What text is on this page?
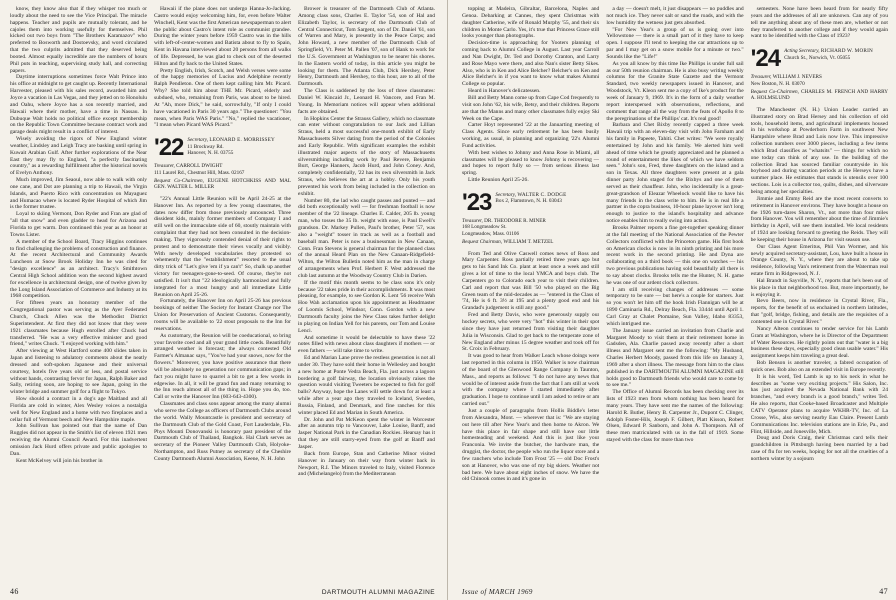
know, they know also that if they whisper too much or loudly about the need to see the Vice Principal. The miracle happens. Teacher and pupils are mutually tolerant, and he cajoles them into working usefully for themselves. Phil kicked out two boys from "The Brothers Karamazov" who preferred to Bosworth and Dostoevsky, and word circulated that the two culprits admitted that they deserved being booted. Almost equally incredible are the numbers of hours Phil puts in teaching, supervising study hall, and correcting papers.

Daytime interruptions sometimes force Walt Prince into his office at midnight to get caught up. Recently International Harvester, pleased with his sales record, awarded him and Joyce a vacation in Las Vegas, and they jetted on to Honolulu and Oahu, where Joyce has a son recently married, and Hawaii where their mother, have a time in Nassau. In Dubuque Walt holds no political office except membership on the Republic Town Committee because contract work and garage deals might result in a conflict of interest.

Wisely avoiding the rigors of New England winter weather, Lindsley and Leigh Tracy are basking until spring in Kuwait Arabian Gulf. After further explorations of the Near East they may fly to England, "a perfectly fascinating country," as a rewarding fulfillment after the historical novels of Evelyn Anthony.

Much improved, Jim Seaoul, now able to walk with only one cane, and Dot are planning a trip to Hawaii, the Virgin Islands, and Puerto Rico with concentration on Mayaguez and Humacao where is located Ryder Hospital of which Jim is the former trustee.

Loyal to skiing Vermont, Don Ryder and Fran are glad of "all that snow" and even gladder to head for Arizona and Florida to get warm. Don continued this year as an honor at Towns Lister.

A member of the School Board, Tracy Higgins continues to find challenging the problems of construction and finance. At the recent Architectural and Community Awards Luncheon at Snow Brook Holiday Inn he was cited for "design excellence" as an architect. Tracy's Smithtown Central High School addition won the second highest award for excellence in architectural design, one of twelve given by the Long Island Association of Commerce and Industry at its 1968 competition.

For fifteen years an honorary member of the Congregational pastor was serving as the Ayer Federated Church, Chuck Allen was the Methodist District Superintendent. At first they did not know that they were 1921 classmates because Hugh enrolled after Chuck had transferred. "He was a very effective minister and good friend," writes Chuck. "I enjoyed working with him."

After viewing at West Hartford some 400 slides taken in Japan and listening to adulatory comments about the neatly dressed and soft-spoken Japanese and their universal courtesy, hotels five years old or less, and postal service without hands, contrasting fervor for Japan, Ralph Baker and Sally, retiring soon, are hoping to see Japan, going in the winter bridge and summer golf for a flight to Tokyo.

How should a contract in a dog's age Maitland and all Florida are cold in winter, Alex Wesley voices a nostalgia well for New England and a home with two fireplaces and a cellar full of Vermont beech and New Hampshire maple.

John Sullivan has pointed out that the name of Dan Ruggles did not appear in the Smith's list of eleven 1921 men receiving the Alumni Council Award. For this inadvertent omission Jack Hurd offers private and public apologies to Dan.

Kent McKelvey will join his brother in

Hawaii if the plane does not undergo Hanna-Jo-Jacking. Castro would enjoy welcoming him, for, even before Walter Winchell, Kent was the first American newspaperman to alert the public about Castro's intent role as communist grandee. During the winter years before 1959 Castro was in the hills with left-of-center-women and Batista about to fly to Spain, Kent in Havana interviewed about 20 persons from all walks of life. Depressed, he was glad to check out of the deserted Hilton and fly back to the United States.

Pretty English, Irish, Scotch, and Welsh verses were some of the happy memories of Lucius and Adelphine recently Ralph Pendleton. One of them kept calling him Mr. Picard. Why? She told him about THE Mr. Picard, elderly and subdued, who, remaining from Paris, was about to be hired. At "Ah, more Dick," he said, sorrowfully, "If only I could have vacationed in Paris 30 years ago." The questioner: "You mean, when Paris WAS Paris." "No," replied the vacationer, "I mean when Picard WAS Picard."

'22 Secretary, LEONARD E. MORRISSEY
11 Brockway Rd.
Hanover, N. H. 03755
Treasurer, CARROLL DWIGHT
111 Laurel Rd., Chestnut Hill, Mass. 02167
Bequest Co-Chairmen, EUGENE HOTCHKISS AND MAL GEN. WALTER L. MILLER

"22's Annual Little Reunion will be April 24-25 at the Hanover Inn. As reported by a few young classmates, the dates now differ from those previously announced. Three dissident kids, mainly former members of Company I and still well on the immaculate side of 60, stoutly maintain with complaint that they had not been consulted in the decision-making. They vigorously contended denial of their rights to protest and to demonstrate their views vocally and visibly. With newly developed vocabularies they protested so vehemently that the "establishment" resorted to the usual dirty trick of "Let's give 'em if ya can't" So, chalk up another victory for teenagers-gone-to-seed. Of course, they're not satisfied. It isn't that "22 ideologically harmonized and fully integrated for a most hungry and all immediate Little Reunion on April 25-26.

Fortunately, the Hanover Inn on April 25-26 has previous bookings of neither The Society for Instant Change nor The Union for Preservation of Ancient Customs. Consequently, rooms will be available to '22 stout proposals to the Inn for reservations.

As customary, the Reunion will be coeducational, so bring your favorite coed and all your grand little coeds. Beautifully arranged weather is forecast; the always contested Old Farmer's Almanac says, "You've had your snows, now for the flowers." Moreover, you have positive assurance that there will be absolutely no generation nor communication gaps; in fact you might have to quarrel a bit to get a few words in edgewise. In all, it will be grand fun and many returning to the Inn reach almost all of the thing in. Hope you do, too. Call or write the Hanover Inn (603-643-4300).

Classmates and class sons appear among the many alumni who serve the College as officers of Dartmouth Clubs around the world. Wally Mountcastle is president and secretary of the Dartmouth Club of the Gold Coast, Fort Lauderdale, Fla. Phys Mounti Donovanski is honorary past president of the Dartmouth Club of Thailand, Bangkok. Hal Clark serves as secretary of the Pioneer Valley Dartmouth Club, Holyoke-Northampton, and Russ Putney as secretary of the Cheshire County Dartmouth Alumni Association, Keene, N. H. John

Brower is treasurer of the Dartmouth Club of Atlanta. Among class sons, Charles E. Taylor '54, son of Hal and Elizabeth Taylor, is secretary of the Dartmouth Club of Central Connecticut, Tom Sargent, son of Dr. Daniel '61, son of Warren and Mary, is presently in the Peace Corps; and John Howard, a new member of the Dartmouth Club of Springfield, Vt. Peter M. Pallen '07, son of Hank to work for the U.S. Government at Washington to be nearer his shores. In the Eastern world of today, in this article you might be looking for them. The Atlanta Club, Dick Hershey, Peter Henry, Dartmouth and Hershey, to this hour, are to all of the Dartmouth.

The Class is saddened by the loss of three classmates: Daniel W. Kincaid Jr., Leonard H. Vancore, and Fran M. Young. In Memoriam notices will appear when additional facts are obtained.

In Hopkins Center the Strauss Gallery, which no classmate can enter without congratulation to our Jack and Lillian Straus, held a most successful one-month exhibit of Early Massachusetts Silver dating from the period of the Colonies and Early Republic. With significant examples the exhibit illustrated major aspects of the story of Massachusetts silversmithing including work by Paul Revere, Benjamin Burt, George Hanners, Jacob Hurd, and John Coney. And, completely confidentially, '22 has its own silversmith in Jack Straus, who believes the art at a hobby. Only his youth prevented his work from being included in the collection on exhibit.

Number 80, the lad who caught passes and punted — and did both exceptionally well — for freshman football is now member of the '22 lineage. Charles E. Calder, 205 lb. young man, who tosses the 35 lb. weight with ease, is Paul Ewell's grandson. Dr. Markey Pullen, Paul's brother, Peter '57, was also a "weight" tosser in track as well as a football and baseball man. Peter is now a businessman in New Canaan, Conn. Fran Stevens is general chairman for the planned class of the annual Heard Plan on the New Canaan-Ridgefield-Wilton, the Wilton Bulletin noted him as the man in charge of arrangements when Prof. Herbert F. West addressed the club last autumn at the Woodway Country Club in Darien.

If the motif this month seems to be class sons it's only because '22 takes pride in their accomplishments. It was most pleasing, for example, to see Gordon K. Lent '56 receive Wah Hoo Wah acclamation upon his appointment as Headmaster of Loomis School, Windsor, Conn. Gordon with a new Dartmouth faculty joins the New Class takes further delight in playing on Indian Yell for his parents, our Tom and Louise Lenci.

And sometime it would be delectable to have these '22 notes filled with news about class daughters if mothers — or even fathers — will take time to write.

Ed and Marian Lane prove the restless generation is not all under 30. They have sold their home in Wellesley and bought a new home at Ponte Vedra Beach, Fla. just across a lagoon bordering a golf fairway, the location obviously raises the question would visiting Tweeters be expected to fish for golf balls? Anyway, hope the Lanes will settle down for at least a while after a year ago they traveled to Iceland, Sweden, Russia, Finland, and Denmark, and fine ranches for this winter placed Ed and Marian in South America.

Dr. John and Pat McKeon spent the winter in Worcester after an autumn trip to Vancouver, Lake Louise, Banff, and Jasper National Park in the Canadian Rockies. Hearsay has it that they are still starry-eyed from the golf at Banff and Jasper.

Back from Europe, Stan and Catherine Minor visited Hanover in January on their way from winter back in Newport, R.I. The Minors traveled to Italy, visited Florence and (Michelangelo) from the Mediterranean

46	DARTMOUTH ALUMNI MAGAZINE

topping at Madeira, Gibraltar, Barcelona, Naples and Genoa. Debarking at Cannes, they spent Christmas with daughter Catherine, wife of Ronald Murphy '55, and their six children in Monte Carlo. Yes, it's true that Princess Grace still looks younger than photographs.

Decision-time is approaching for Yooters planning of coming back to Alumni College in August. Last year Carroll and Nan Dwight, Dr. Ted and Dorothy Cranton, and Larry and Rose Mayo were there, and also Nan's sister Betty Sikes. Also, who is in Ken and Alice Belcher? Belcher's on Ken and Alice Belcher's in if you want to know what makes Alumni College so popular.

Heard in Hanover's delicatessen.

Bill and Betty Mann come up from Cape Cod frequently to visit son John '62, his wife, Betsy, and their children. Reports are that the Manns and many other classmates fully enjoy Ski Week on the Cape.

Carter Hoyt represented '22 at the Januarting meeting of Class Agents. Since early retirement he has been busily working, as usual, in planning and organizing '22's Alumni Fund activities.

With best wishes to Johnny and Anna Rose in Miami, all classmates will be pleased to know Johnny is recovering — and hopes to report fully so — from serious illness last spring.

Little Reunion April 25-26.

'23 Secretary, WALTER C. DODGE
Box 2, Flamstown, N. H. 03043
Treasurer, DR. THEODORE R. MINER
168 Longmeadow St.
Longmeadow, Mass. 01106
Bequest Chairman, WILLIAM T. METZEL

From Ted and Olive Caswell comes news of Ross and Mary Carpenter. Ross partially retired three years ago but gets to his Sand Ink Co. plant at least once a week and still gives a lot of time to the local YMCA and boys club. The Carpenters go to Colorado each year to visit their children. Carl and report that was Bill '50 who played on the Big Green team of the mid-decades as — "entered in the Class of '74, He is 6 ft. 3½ at 195 and a plenty good end and his Grandad's judgement is still any good."

Fred and Betty Davis, who were generously supply our hockey secrets, who were very "hot" this winter in their spot since they have just returned from visiting their daughter Julia in Wisconsin. Glad to get back to the temperate zone of New England after minus 15 degree weather and took off for St. Croix in February.

It was good to hear from Walker Leach whose doings were last reported in this column in 1950. Walker is now chairman of the board of the Glenwood Range Company in Taunton, Mass., and reports as follows: "I do not have any news that would be of interest aside from the fact that I am still at work with the company where I started immediately after graduation. I hope to continue until I am asked to retire or am carried out."

Just a couple of paragraphs from Hollis Biddle's letter from Alexandra, Mont. — wherever that is: "We are staying out here till after New Year's and then home to Akron. We have this place in fair shape and still have our little homesteading and weekend. And this is just like your Franconia. We invite the butcher, the hardware man, the druggist, the doctor, the people who run the liquor store and a few ranchers who include Tom Frost '25 — old Doc Frost's son at Hanover, who was one of my big skiers. Weather not bad here. We have about eight inches of snow. We have the old Chinook comes in and it's gone in

a day — doesn't melt, it just disappears — no puddles and not much ice. They never salt or sand the roads, and with the low humidity the wetness just gets absorbed.

"For New Year's a group of us is going over into Yellowstone — there is a small part of it they have to keep open. I suppose I'll tend to keeping the car attractions up to par and I may get on a snow mobile for a minute or two." Sounds like the "Life!"

As you all know by this time Ike Phillips is under full sail as our 50th reunion chairman. He is also busy writing weekly columns for the Granite State Gazette and the Vermont Standard, two weekly newspapers issued in Hanover, and Woodstock, Vt. Kleon sent me a copy of Ike's product for the week of January 9, 1969. It's in the form of a daily weather report interspersed with observations, reflections, and comment that range all the way from the feats of Apollo 8 to the peregrinations of the Phillips' cat. It's real good!

Barbara and Chet Bixby recently capped a three week Hawaii trip with an eleven-day visit with John Farnham and his family in Papeete, Tahiti. Chet writes: "We were royally entertained by John and his family. We alerted him well ahead of time which he greatly appreciated and he planned a round of entertainment the likes of which we have seldom seen." John's son, Fred, three daughters on the island and a son in Texas. All three daughters were present at a gala dinner party John staged for the Bixbys and one of them served as their chauffeur. John, who incidentally is a great-great-grandson of Eleazar Wheelock would like to have his many friends in the class write to him. He is in real life a partner in the copra business, 10-hour plane layover isn't long enough to justice to the island's hospitality and advance notice enables him to really swing into action.

Brooks Palmer reports a fine get-together speaking dinner at the fall meeting of the National Association of the Pewter Collectors conflicted with the Princeton game. His first book on American clocks is now in its ninth printing and his more recent work in the second printing. He and Dyna are collaborating on a third book — this one on watches — his two previous publications having sold beautifully all there is to say about clocks. Brooks tells me the Hunter, N. H. game he was one of our ardent clock collectors.

I am still receiving changes of addresses — some temporary to be sure — but here's a couple for starters. Just so you won't let him off the hook Irish Flannigan will be at 1890 Caminaria Rd., Delray Beach, Fla. 33444 until April 1. Carl Gray at Chalet Ptomaine, Sun Valley, Idaho 83353, which intrigued me.

The January issue carried an invitation from Charlie and Margaret Moody to visit them at their retirement home in Gadsden, Ala. Charlie passed away recently after a short illness and Margaret sent me the following: "My Husband, Charles Herbert Moody, passed from this life on January 3, 1969 after a short illness. The message from him to the class published in the DARTMOUTH ALUMNI MAGAZINE still holds good to Dartmouth friends who would care to come by to see me."

The Office of Alumni Records has been checking over its lists of 1923 men from whom nothing has been heard for many years. They have sent me the names of the following: Harold R. Butler, Henry B. Carpenter Jr., Dupont C. Clinger, Adolph Foster-Hils, Joseph F. Gilbert, Platt Kisson, Robert Olsen, Edward P. Sanborn, and John A. Thompson. All of these men matriculated with us in the fall of 1919. Some stayed with the class for more than two

semesters. None have been heard from for nearly fifty years and the addresses of all are unknown. Can any of you tell me anything about any of these men are, whether or not they transferred to another college and if they would again want to be identified with the Class of 1923?

'24 Acting Secretary, RICHARD W. MORIN
Church St., Norwich, Vt. 05055
Treasurer, WILLIAM J. NEVERS
New Boston, N. H. 03070
Bequest Co-Chairmen, CHARLES M. FRENCH AND HARRY A. HOLMSLUND

The Manchester (N. H.) Union Leader carried an illustrated story on Brad Hersey and his collection of old tools, household items, and agricultural implements housed in his workshop at Powderhorn Farm in southwest New Hampshire where Brad and Lois now live. This impressive collection numbers over 3000 pieces, including a few items which Brad classifies as "whatsits" — things for which no one today can think of any use. In the building of the collection Brad has sourced familiar countryside in his boyhood and during vacation periods at the Herseys have a summer place. He estimates that stands is utensils over 100 sections. Lois is a collector too, quilts, dishes, and silverware being among her specialties.

Jimmie and Emmy Reid are the most recent converts to retirement in Hanover environs. They have bought a house on the 1926 turn-dares Sharon, Vt., not more than four miles from Hanover. You will remember about the time of Jimmie's birthday in April, will see them installed. We local residents of 1924 are looking forward to greeting the Reids. They will be keeping their house in Arizona for visit season use.

Our Class Agent Emeritus, Phil Van Wormer, and his newly acquired secretary-assistant, Lou, have built a house in Orange County, N. Y., where they are about to take up residence, following Van's retirement from the Waterman real estate firm in Ridgewood, N. J.

Hal Brandt in Sayville, N. Y., reports that he's been out of his place in that neighborhood too. But, more importantly, he is enjoying it.

Bevo Beers, now in residence in Crystal River, Fla., reports, for the benefit of us enchained in northern latitudes, that "golf, bridge, fishing, and details are the requisites of a contented one in Crystal River."

Nancy Alteon continues to render service for his Lamb Gram at Washington, where he is Director of the Department of Water Resources. He rightly points out that "water is a big business these days, especially good clean usable water." His assignment keeps him traveling a great deal.

Bob Benson is another traveler, a fabred occupation of quick ones. Bob also on an extended visit in Europe recently.

It is his word, Ted Lamb is up to his neck in what he describes as "some very exciting projects." His Salon, Inc. has just acquired the Nevada National Bank with 24 branches, "and every branch is a good branch," writes Ted. He also reports, that Cooke-based Broadcaster and Multiple CATV Operator plans to acquire WKHR-TV, Inc. of La Crosse, Wis., also serving nearby Eau Claire. Present Lamb Communications Inc. television stations are in Erie, Pa., and Flint, Hillside, and Jonesville, Mich.

Doug and Doris Craig, their Christmas card tells their grandchildren in Pittsburgh having been married by a bad case of flu for ten weeks, hoping for not all the cruelties of a northern winter by a sojourn

Issue of MARCH 1969	47
